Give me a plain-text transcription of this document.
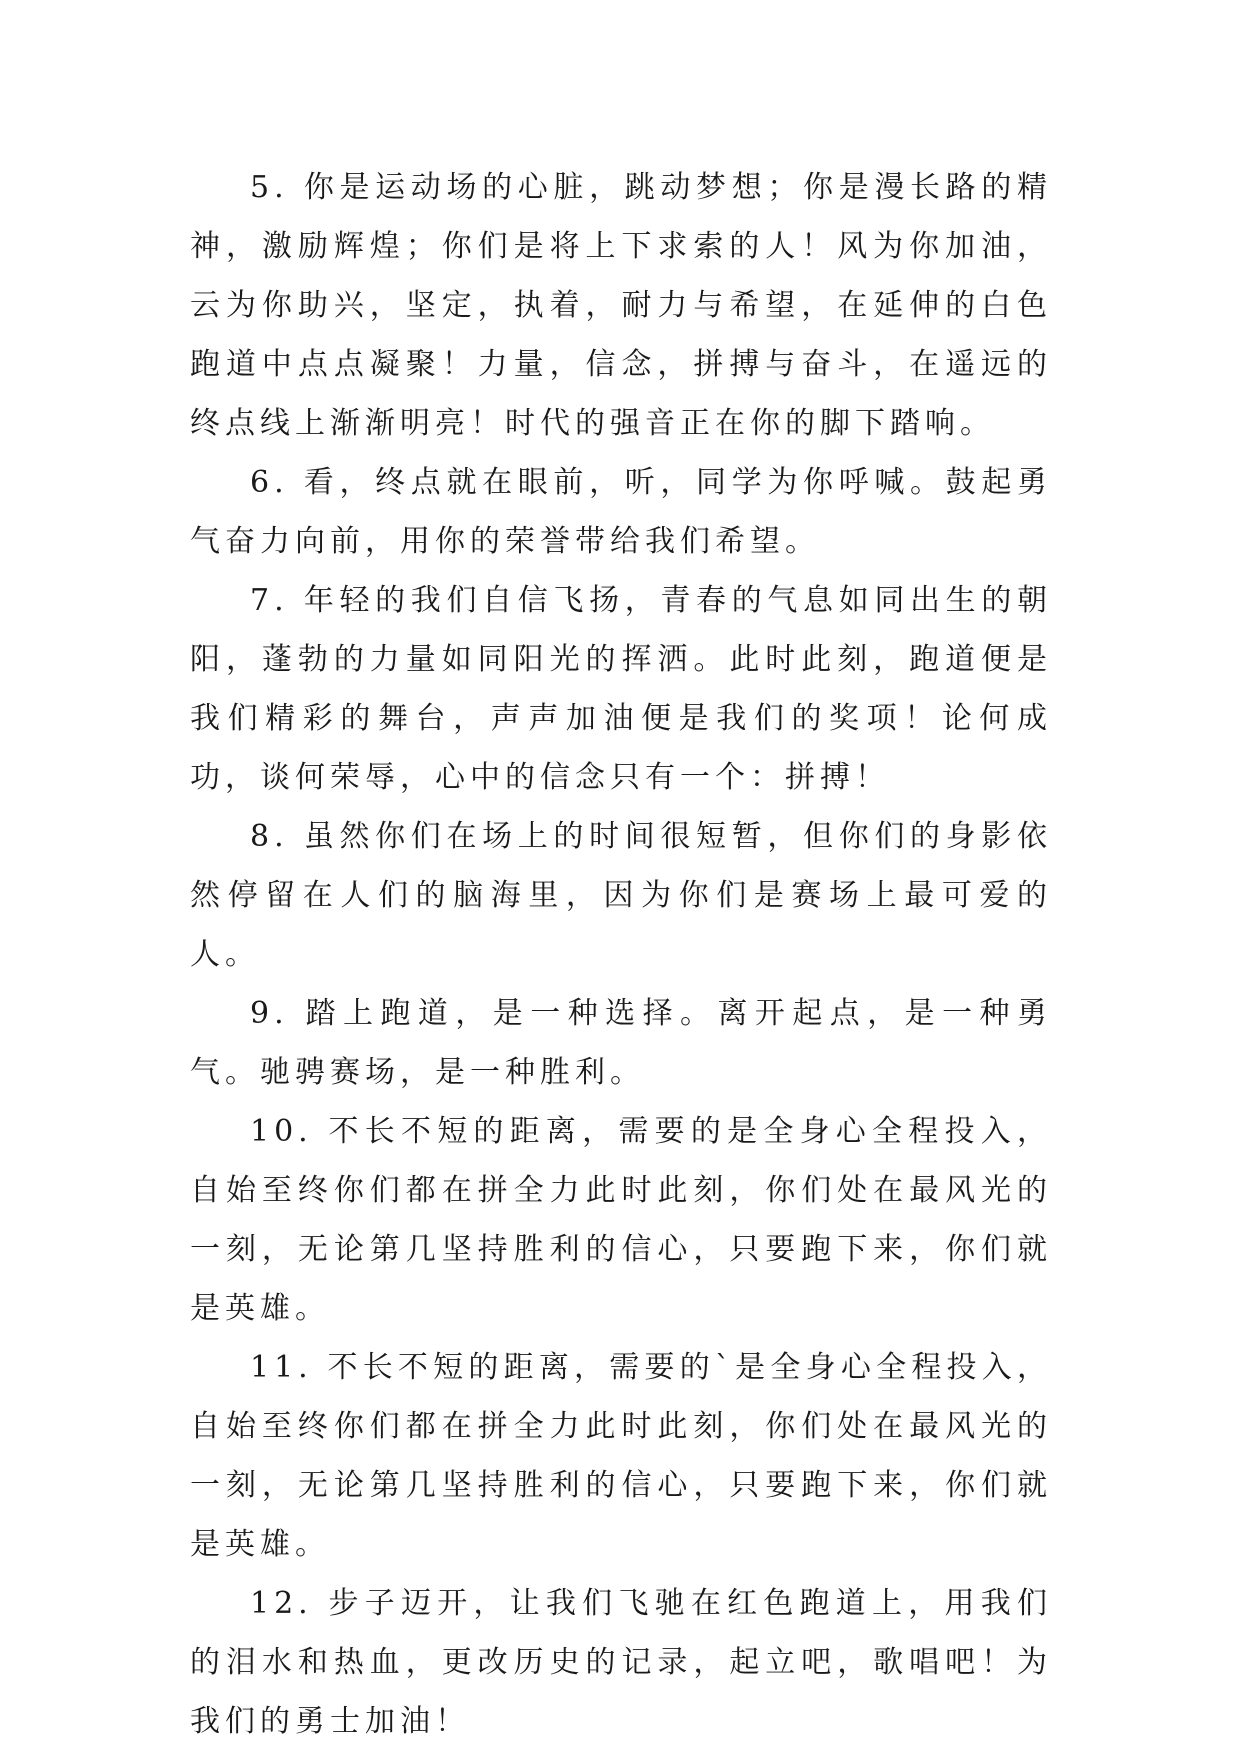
5. 你是运动场的心脏，跳动梦想；你是漫长路的精神，激励辉煌；你们是将上下求索的人！风为你加油，云为你助兴，坚定，执着，耐力与希望，在延伸的白色跑道中点点凝聚！力量，信念，拼搏与奋斗，在遥远的终点线上渐渐明亮！时代的强音正在你的脚下踏响。

6. 看，终点就在眼前，听，同学为你呼喊。鼓起勇气奋力向前，用你的荣誉带给我们希望。

7. 年轻的我们自信飞扬，青春的气息如同出生的朝阳，蓬勃的力量如同阳光的挥洒。此时此刻，跑道便是我们精彩的舞台，声声加油便是我们的奖项！论何成功，谈何荣辱，心中的信念只有一个：拼搏！

8. 虽然你们在场上的时间很短暂，但你们的身影依然停留在人们的脑海里，因为你们是赛场上最可爱的人。

9. 踏上跑道，是一种选择。离开起点，是一种勇气。驰骋赛场，是一种胜利。

10. 不长不短的距离，需要的是全身心全程投入，自始至终你们都在拼全力此时此刻，你们处在最风光的一刻，无论第几坚持胜利的信心，只要跑下来，你们就是英雄。

11. 不长不短的距离，需要的`是全身心全程投入，自始至终你们都在拼全力此时此刻，你们处在最风光的一刻，无论第几坚持胜利的信心，只要跑下来，你们就是英雄。

12. 步子迈开，让我们飞驰在红色跑道上，用我们的泪水和热血，更改历史的记录，起立吧，歌唱吧！为我们的勇士加油！
